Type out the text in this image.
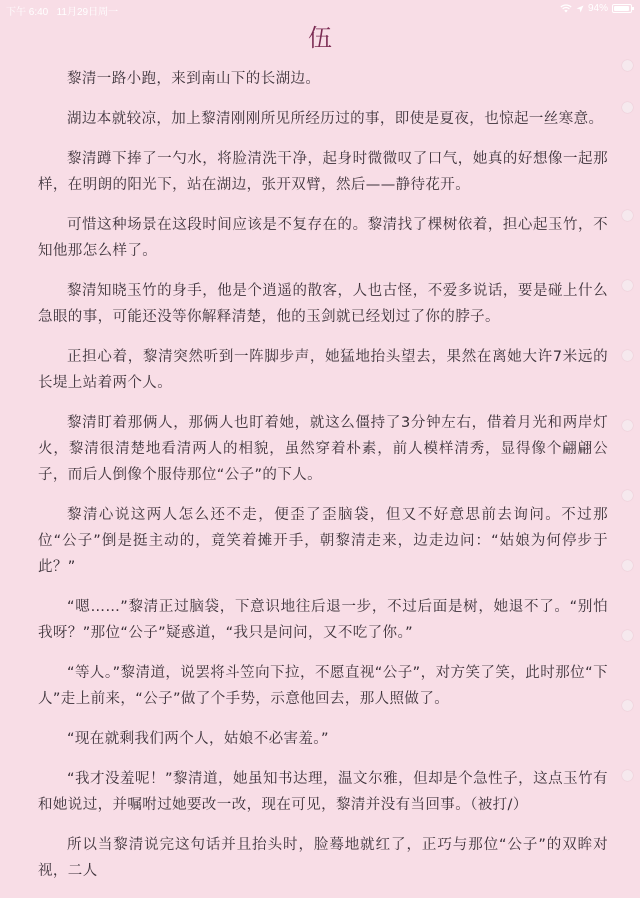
下午 6:40 11月29日周一	94%
伍

黎清一路小跑，来到南山下的长湖边。

湖边本就较凉，加上黎清刚刚所见所经历过的事，即使是夏夜，也惊起一丝寒意。

黎清蹲下捧了一勺水，将脸清洗干净，起身时微微叹了口气，她真的好想像一起那样，在明朗的阳光下，站在湖边，张开双臂，然后——静待花开。

可惜这种场景在这段时间应该是不复存在的。黎清找了棵树依着，担心起玉竹，不知他那怎么样了。

黎清知晓玉竹的身手，他是个逍遥的散客，人也古怪，不爱多说话，要是碰上什么急眼的事，可能还没等你解释清楚，他的玉剑就已经划过了你的脖子。

正担心着，黎清突然听到一阵脚步声，她猛地抬头望去，果然在离她大许7米远的长堤上站着两个人。

黎清盯着那俩人，那俩人也盯着她，就这么僵持了3分钟左右，借着月光和两岸灯火，黎清很清楚地看清两人的相貌，虽然穿着朴素，前人模样清秀，显得像个翩翩公子，而后人倒像个服侍那位“公子”的下人。

黎清心说这两人怎么还不走，便歪了歪脑袋，但又不好意思前去询问。不过那位“公子”倒是挺主动的，竟笑着摊开手，朝黎清走来，边走边问：“姑娘为何停步于此？”

“嗯……”黎清正过脑袋，下意识地往后退一步，不过后面是树，她退不了。“别怕我呀？”那位“公子”疑惑道，“我只是问问，又不吃了你。”

“等人。”黎清道，说罢将斗笠向下拉，不愿直视“公子”，对方笑了笑，此时那位“下人”走上前来，“公子”做了个手势，示意他回去，那人照做了。

“现在就剩我们两个人，姑娘不必害羞。”

“我才没羞呢！”黎清道，她虽知书达理，温文尔雅，但却是个急性子，这点玉竹有和她说过，并嘱咐过她要改一改，现在可见，黎清并没有当回事。（被打/）

所以当黎清说完这句话并且抬头时，脸蓦地就红了，正巧与那位“公子”的双眸对视，二人
